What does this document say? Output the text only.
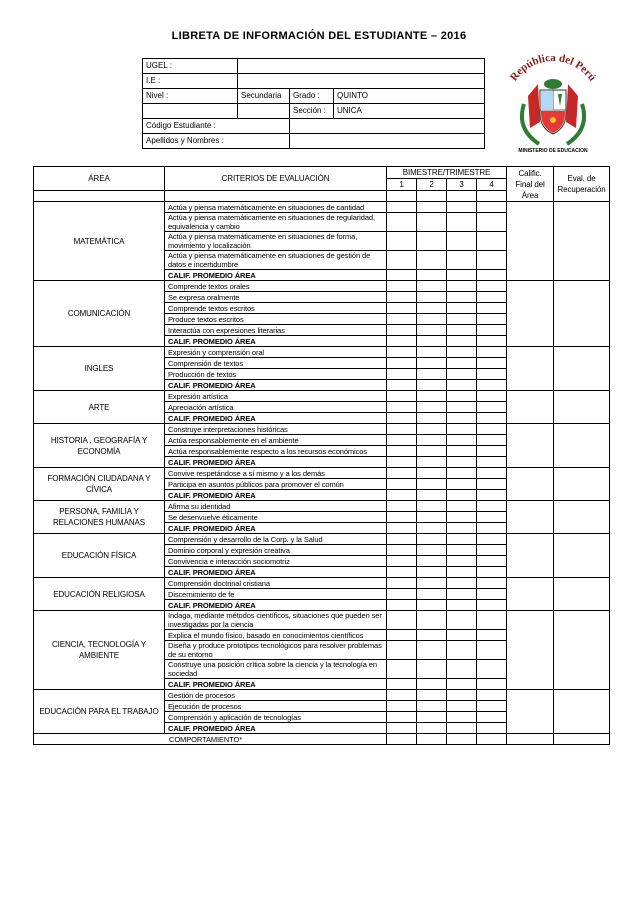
LIBRETA DE INFORMACIÓN DEL ESTUDIANTE – 2016
UGEL :			
I.E :			
Nivel :	Secundaria	Grado :	QUINTO
		Sección :	UNICA
Código Estudiante :			
Apellidos y Nombres :			
República del Perú
MINISTERIO DE EDUCACION
ÁREA	CRITERIOS DE EVALUACIÓN	BIMESTRE/TRIMESTRE				Calific. Final del Área	Eval. de Recuperación
		1	2	3	4		

MATEMÁTICA	Actúa y piensa matemáticamente en situaciones de cantidad						
	Actúa y piensa matemáticamente en situaciones de regularidad, equivalencia y cambio						
	Actúa y piensa matemáticamente en situaciones de forma, movimiento y localización						
	Actúa y piensa matemáticamente en situaciones de gestión de datos e incertidumbre						
	CALIF. PROMEDIO ÁREA						
COMUNICACIÓN	Comprende textos orales						
	Se expresa oralmente						
	Comprende textos escritos						
	Produce textos escritos						
	Interactúa con expresiones literarias						
	CALIF. PROMEDIO ÁREA						
INGLES	Expresión y comprensión oral						
	Comprensión de textos						
	Producción de textos						
	CALIF. PROMEDIO ÁREA						
ARTE	Expresión artística						
	Apreciación artística						
	CALIF. PROMEDIO ÁREA						
HISTORIA , GEOGRAFÍA Y ECONOMÍA	Construye interpretaciones históricas						
	Actúa responsablemente en el ambiente						
	Actúa responsablemente respecto a los recursos económicos						
	CALIF. PROMEDIO ÁREA						
FORMACIÓN CIUDADANA Y CÍVICA	Convive respetándose a sí mismo y a los demás						
	Participa en asuntos públicos para promover el común						
	CALIF. PROMEDIO ÁREA						
PERSONA, FAMILIA Y RELACIONES HUMANAS	Afirma su identidad						
	Se desenvuelve éticamente						
	CALIF. PROMEDIO ÁREA						
EDUCACIÓN FÍSICA	Comprensión y desarrollo de la Corp. y la Salud						
	Dominio corporal y expresión creativa						
	Convivencia e interacción sociomotriz						
	CALIF. PROMEDIO ÁREA						
EDUCACIÓN RELIGIOSA	Comprensión doctrinal cristiana						
	Discernimiento de fe						
	CALIF. PROMEDIO ÁREA						
CIENCIA, TECNOLOGÍA Y AMBIENTE	Indaga, mediante métodos científicos, situaciones que pueden ser investigadas por la ciencia						
	Explica el mundo físico, basado en conocimientos científicos						
	Diseña y produce prototipos tecnológicos para resolver problemas de su entorno						
	Construye una posición crítica sobre la ciencia y la tecnología en sociedad						
	CALIF. PROMEDIO ÁREA						
EDUCACIÓN PARA EL TRABAJO	Gestión de procesos						
	Ejecución de procesos						
	Comprensión y aplicación de tecnologías						
	CALIF. PROMEDIO ÁREA						
COMPORTAMIENTO*							
